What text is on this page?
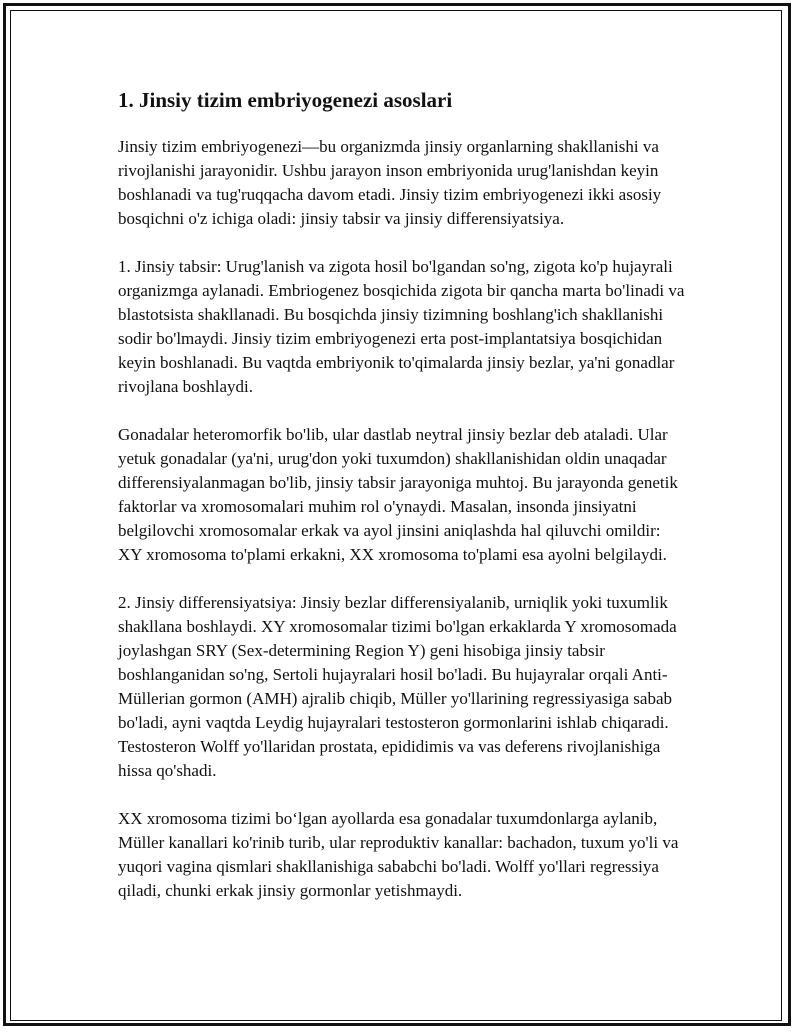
1. Jinsiy tizim embriyogenezi asoslari

Jinsiy tizim embriyogenezi—bu organizmda jinsiy organlarning shakllanishi va rivojlanishi jarayonidir. Ushbu jarayon inson embriyonida urug'lanishdan keyin boshlanadi va tug'ruqqacha davom etadi. Jinsiy tizim embriyogenezi ikki asosiy bosqichni o'z ichiga oladi: jinsiy tabsir va jinsiy differensiyatsiya.

1. Jinsiy tabsir: Urug'lanish va zigota hosil bo'lgandan so'ng, zigota ko'p hujayrali organizmga aylanadi. Embriogenez bosqichida zigota bir qancha marta bo'linadi va blastotsista shakllanadi. Bu bosqichda jinsiy tizimning boshlang'ich shakllanishi sodir bo'lmaydi. Jinsiy tizim embriyogenezi erta post-implantatsiya bosqichidan keyin boshlanadi. Bu vaqtda embriyonik to'qimalarda jinsiy bezlar, ya'ni gonadlar rivojlana boshlaydi.

Gonadalar heteromorfik bo'lib, ular dastlab neytral jinsiy bezlar deb ataladi. Ular yetuk gonadalar (ya'ni, urug'don yoki tuxumdon) shakllanishidan oldin unaqadar differensiyalanmagan bo'lib, jinsiy tabsir jarayoniga muhtoj. Bu jarayonda genetik faktorlar va xromosomalari muhim rol o'ynaydi. Masalan, insonda jinsiyatni belgilovchi xromosomalar erkak va ayol jinsini aniqlashda hal qiluvchi omildir: XY xromosoma to'plami erkakni, XX xromosoma to'plami esa ayolni belgilaydi.

2. Jinsiy differensiyatsiya: Jinsiy bezlar differensiyalanib, urniqlik yoki tuxumlik shakllana boshlaydi. XY xromosomalar tizimi bo'lgan erkaklarda Y xromosomada joylashgan SRY (Sex-determining Region Y) geni hisobiga jinsiy tabsir boshlanganidan so'ng, Sertoli hujayralari hosil bo'ladi. Bu hujayralar orqali Anti-Müllerian gormon (AMH) ajralib chiqib, Müller yo'llarining regressiyasiga sabab bo'ladi, ayni vaqtda Leydig hujayralari testosteron gormonlarini ishlab chiqaradi. Testosteron Wolff yo'llaridan prostata, epididimis va vas deferens rivojlanishiga hissa qo'shadi.

XX xromosoma tizimi bo‘lgan ayollarda esa gonadalar tuxumdonlarga aylanib, Müller kanallari ko'rinib turib, ular reproduktiv kanallar: bachadon, tuxum yo'li va yuqori vagina qismlari shakllanishiga sababchi bo'ladi. Wolff yo'llari regressiya qiladi, chunki erkak jinsiy gormonlar yetishmaydi.
